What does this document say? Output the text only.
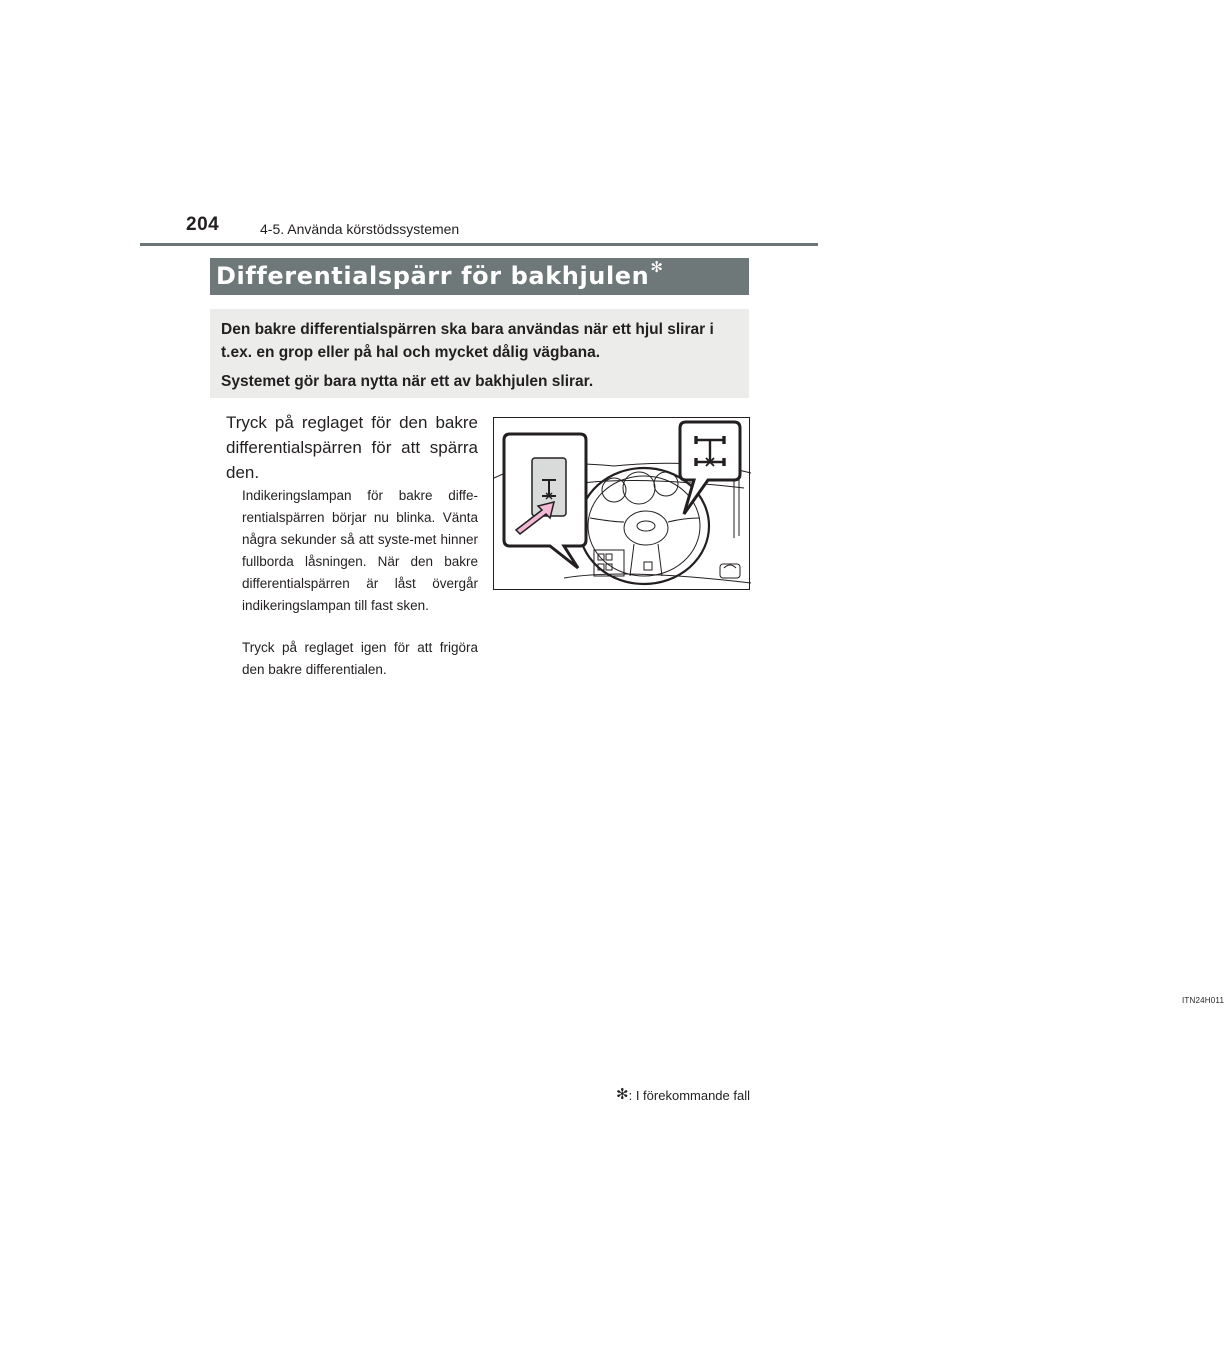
204	4-5. Använda körstödssystemen
Differentialspärr för bakhjulen✻

Den bakre differentialspärren ska bara användas när ett hjul slirar i t.ex. en grop eller på hal och mycket dålig vägbana.

Systemet gör bara nytta när ett av bakhjulen slirar.

Tryck på reglaget för den bakre differentialspärren för att spärra den.
Indikeringslampan för bakre diffe-rentialspärren börjar nu blinka. Vänta några sekunder så att syste-met hinner fullborda låsningen. När den bakre differentialspärren är låst övergår indikeringslampan till fast sken.
Tryck på reglaget igen för att frigöra den bakre differentialen.
ITN24H011
✻: I förekommande fall
